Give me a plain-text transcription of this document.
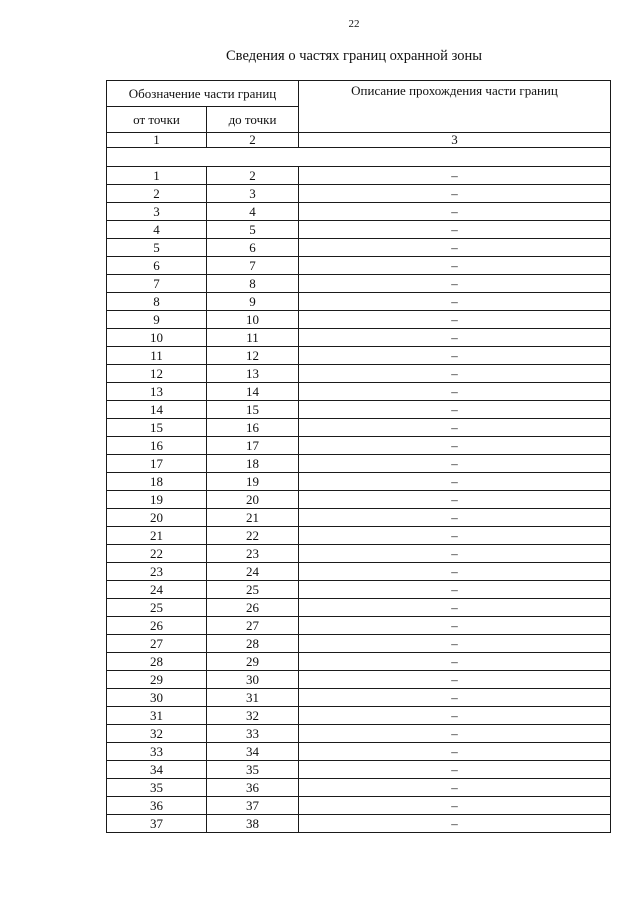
22
Сведения о частях границ охранной зоны
Обозначение части границ		Описание прохождения части границ
от точки	до точки	
1	2	3

1	2	–
2	3	–
3	4	–
4	5	–
5	6	–
6	7	–
7	8	–
8	9	–
9	10	–
10	11	–
11	12	–
12	13	–
13	14	–
14	15	–
15	16	–
16	17	–
17	18	–
18	19	–
19	20	–
20	21	–
21	22	–
22	23	–
23	24	–
24	25	–
25	26	–
26	27	–
27	28	–
28	29	–
29	30	–
30	31	–
31	32	–
32	33	–
33	34	–
34	35	–
35	36	–
36	37	–
37	38	–
